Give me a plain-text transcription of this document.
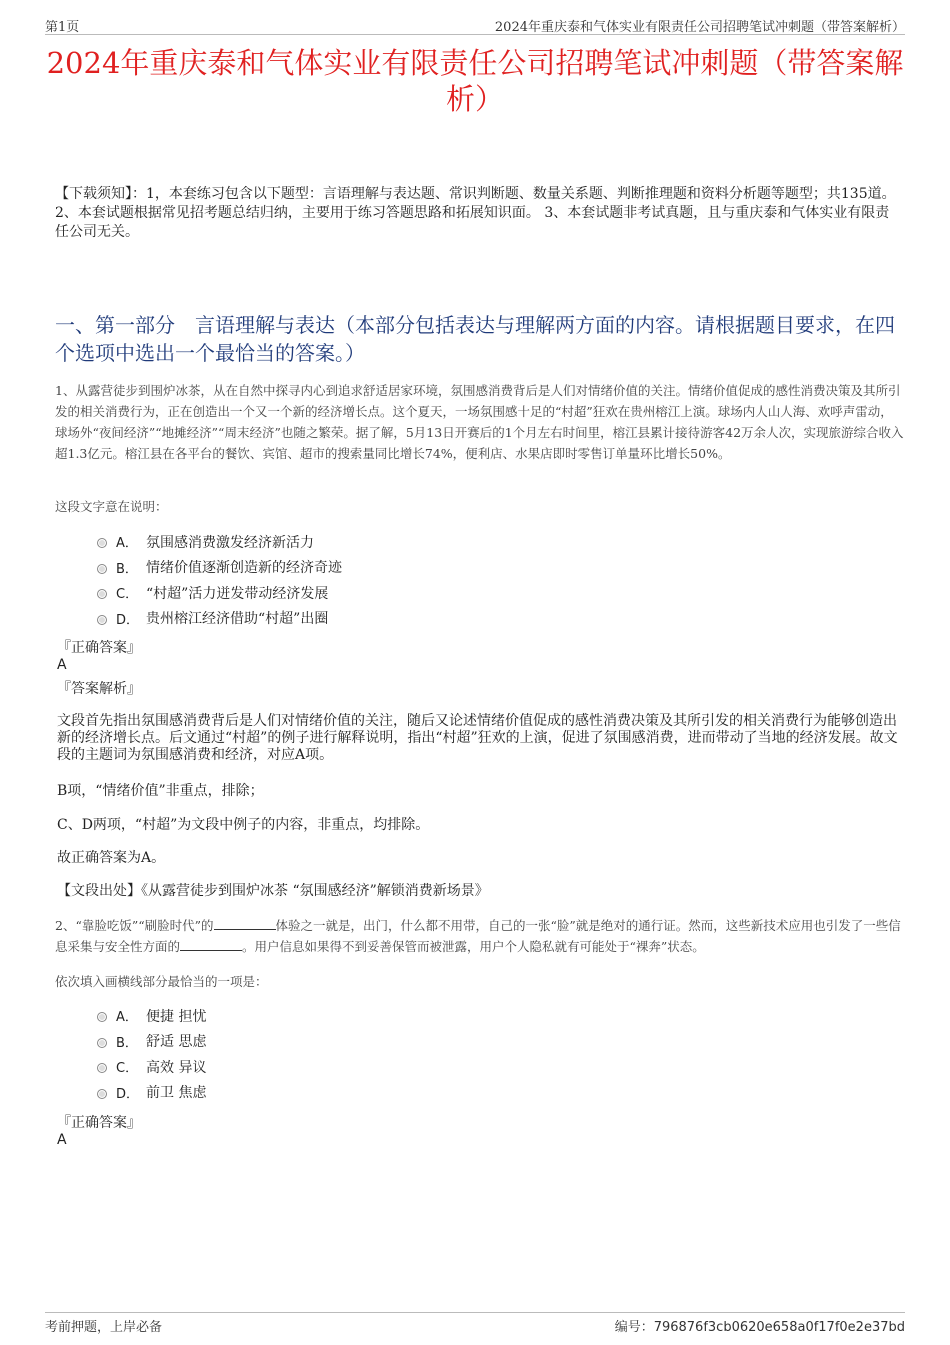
第1页	2024年重庆泰和气体实业有限责任公司招聘笔试冲刺题（带答案解析）
2024年重庆泰和气体实业有限责任公司招聘笔试冲刺题（带答案解析）
【下载须知】：1，本套练习包含以下题型：言语理解与表达题、常识判断题、数量关系题、判断推理题和资料分析题等题型；共135道。 2、本套试题根据常见招考题总结归纳，主要用于练习答题思路和拓展知识面。 3、本套试题非考试真题，且与重庆泰和气体实业有限责任公司无关。
一、第一部分　言语理解与表达（本部分包括表达与理解两方面的内容。请根据题目要求，在四个选项中选出一个最恰当的答案。）
1、从露营徒步到围炉冰茶，从在自然中探寻内心到追求舒适居家环境，氛围感消费背后是人们对情绪价值的关注。情绪价值促成的感性消费决策及其所引发的相关消费行为，正在创造出一个又一个新的经济增长点。这个夏天，一场氛围感十足的“村超”狂欢在贵州榕江上演。球场内人山人海、欢呼声雷动，球场外“夜间经济”“地摊经济”“周末经济”也随之繁荣。据了解，5月13日开赛后的1个月左右时间里，榕江县累计接待游客42万余人次，实现旅游综合收入超1.3亿元。榕江县在各平台的餐饮、宾馆、超市的搜索量同比增长74%，便利店、水果店即时零售订单量环比增长50%。
这段文字意在说明：
A． 氛围感消费激发经济新活力
B． 情绪价值逐渐创造新的经济奇迹
C． “村超”活力迸发带动经济发展
D． 贵州榕江经济借助“村超”出圈
『正确答案』
A
『答案解析』
文段首先指出氛围感消费背后是人们对情绪价值的关注，随后又论述情绪价值促成的感性消费决策及其所引发的相关消费行为能够创造出新的经济增长点。后文通过“村超”的例子进行解释说明，指出“村超”狂欢的上演，促进了氛围感消费，进而带动了当地的经济发展。故文段的主题词为氛围感消费和经济，对应A项。
B项，“情绪价值”非重点，排除；
C、D两项，“村超”为文段中例子的内容，非重点，均排除。
故正确答案为A。
【文段出处】《从露营徒步到围炉冰茶 “氛围感经济”解锁消费新场景》
2、“靠脸吃饭”“刷脸时代”的	体验之一就是，出门，什么都不用带，自己的一张“脸”就是绝对的通行证。然而，这些新技术应用也引发了一些信息采集与安全性方面的	。用户信息如果得不到妥善保管而被泄露，用户个人隐私就有可能处于“裸奔”状态。
依次填入画横线部分最恰当的一项是：
A． 便捷 担忧
B． 舒适 思虑
C． 高效 异议
D． 前卫 焦虑
『正确答案』
A
考前押题，上岸必备	编号：796876f3cb0620e658a0f17f0e2e37bd
